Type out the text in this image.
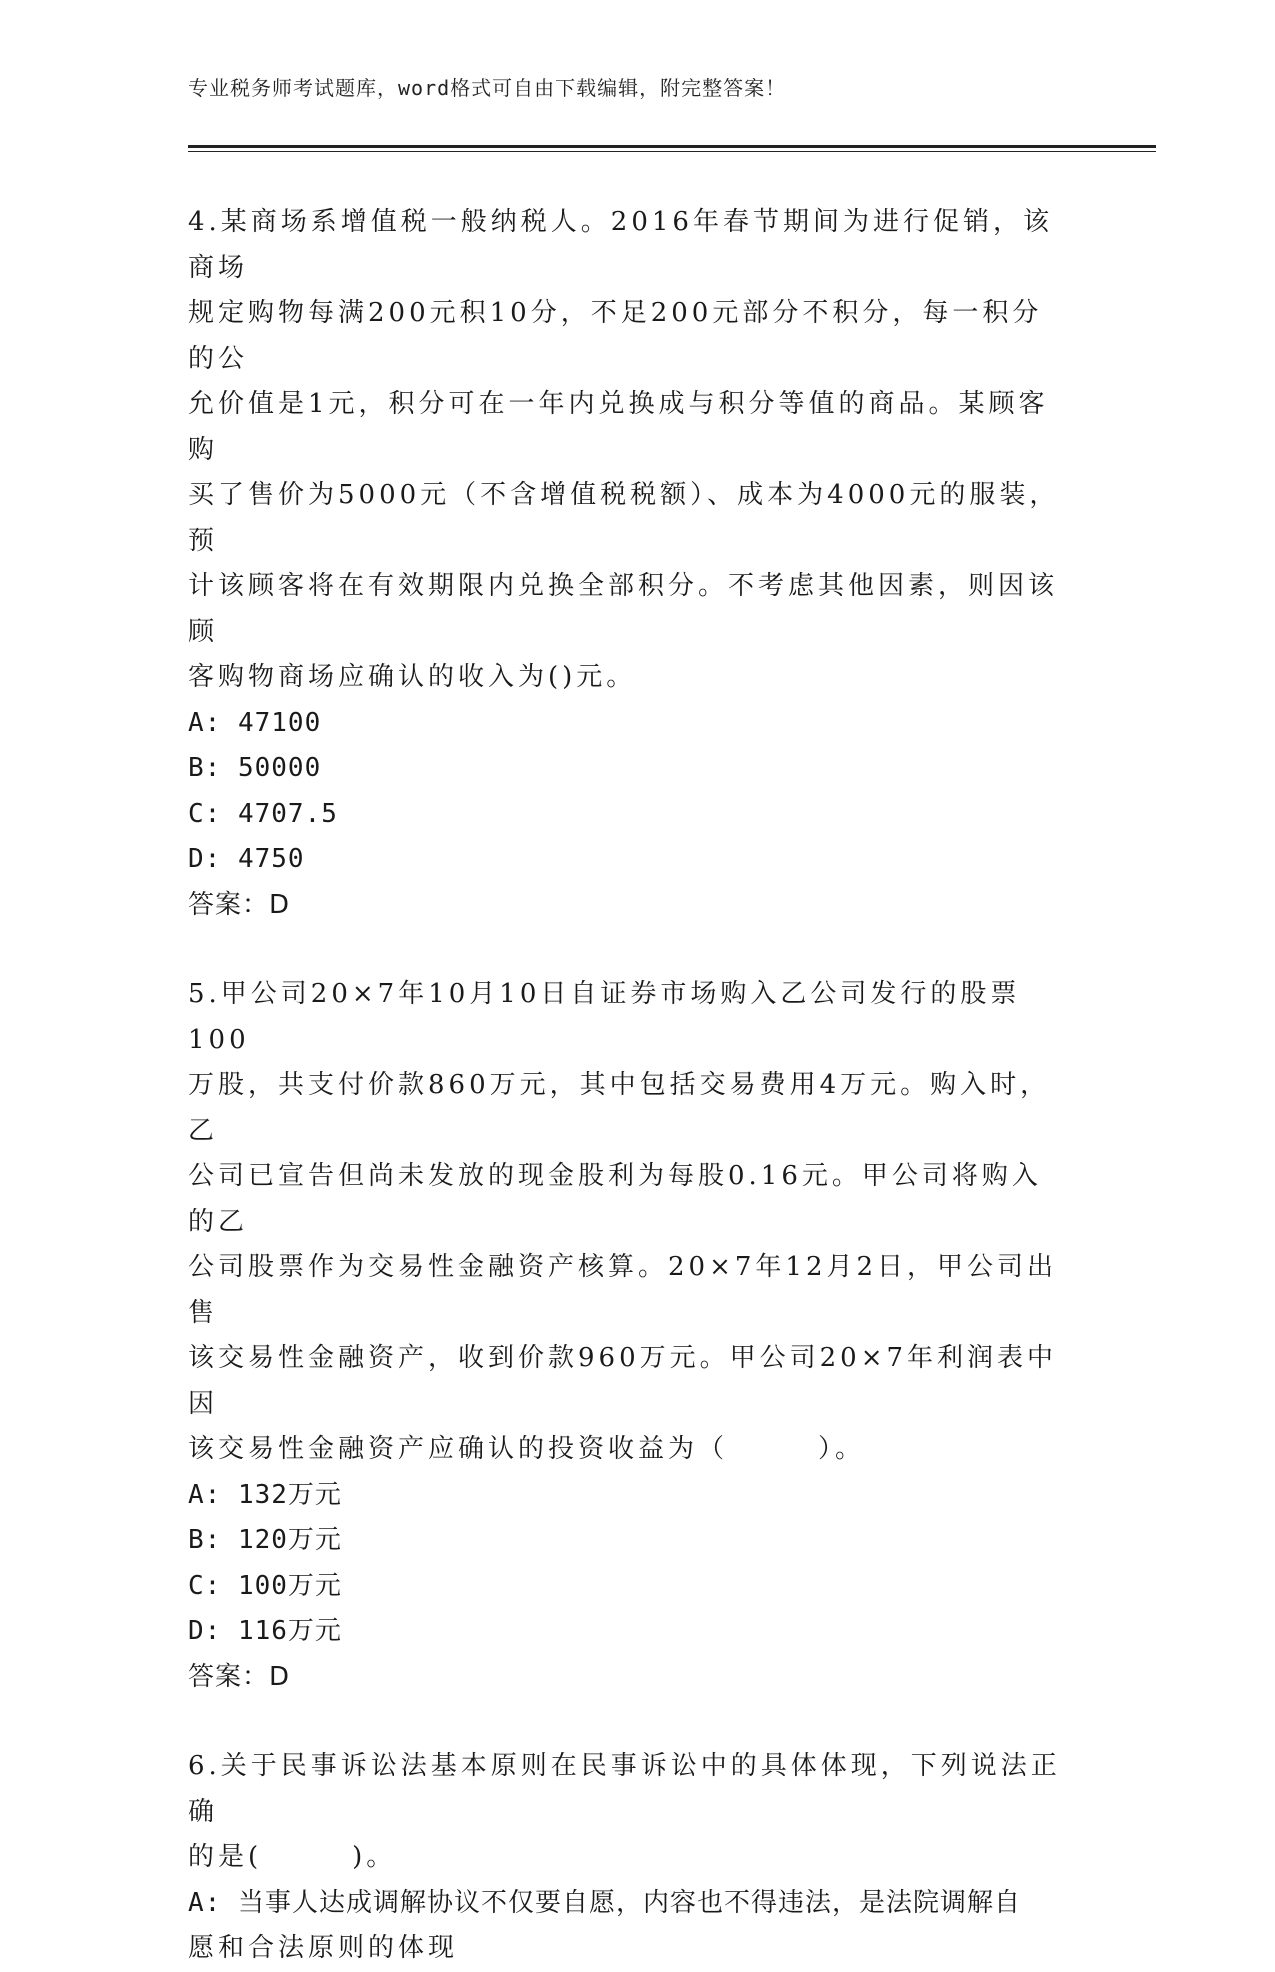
专业税务师考试题库，word格式可自由下载编辑，附完整答案！

4.某商场系增值税一般纳税人。2016年春节期间为进行促销，该商场

规定购物每满200元积10分，不足200元部分不积分，每一积分的公

允价值是1元，积分可在一年内兑换成与积分等值的商品。某顾客购

买了售价为5000元（不含增值税税额）、成本为4000元的服装，预

计该顾客将在有效期限内兑换全部积分。不考虑其他因素，则因该顾

客购物商场应确认的收入为()元。

A: 47100

B: 50000

C: 4707.5

D: 4750

答案：D

5.甲公司20×7年10月10日自证券市场购入乙公司发行的股票100

万股，共支付价款860万元，其中包括交易费用4万元。购入时，乙

公司已宣告但尚未发放的现金股利为每股0.16元。甲公司将购入的乙

公司股票作为交易性金融资产核算。20×7年12月2日，甲公司出售

该交易性金融资产，收到价款960万元。甲公司20×7年利润表中因

该交易性金融资产应确认的投资收益为（　　　）。

A: 132万元

B: 120万元

C: 100万元

D: 116万元

答案：D

6.关于民事诉讼法基本原则在民事诉讼中的具体体现，下列说法正确

的是(　　　)。

A: 当事人达成调解协议不仅要自愿，内容也不得违法，是法院调解自

愿和合法原则的体现
